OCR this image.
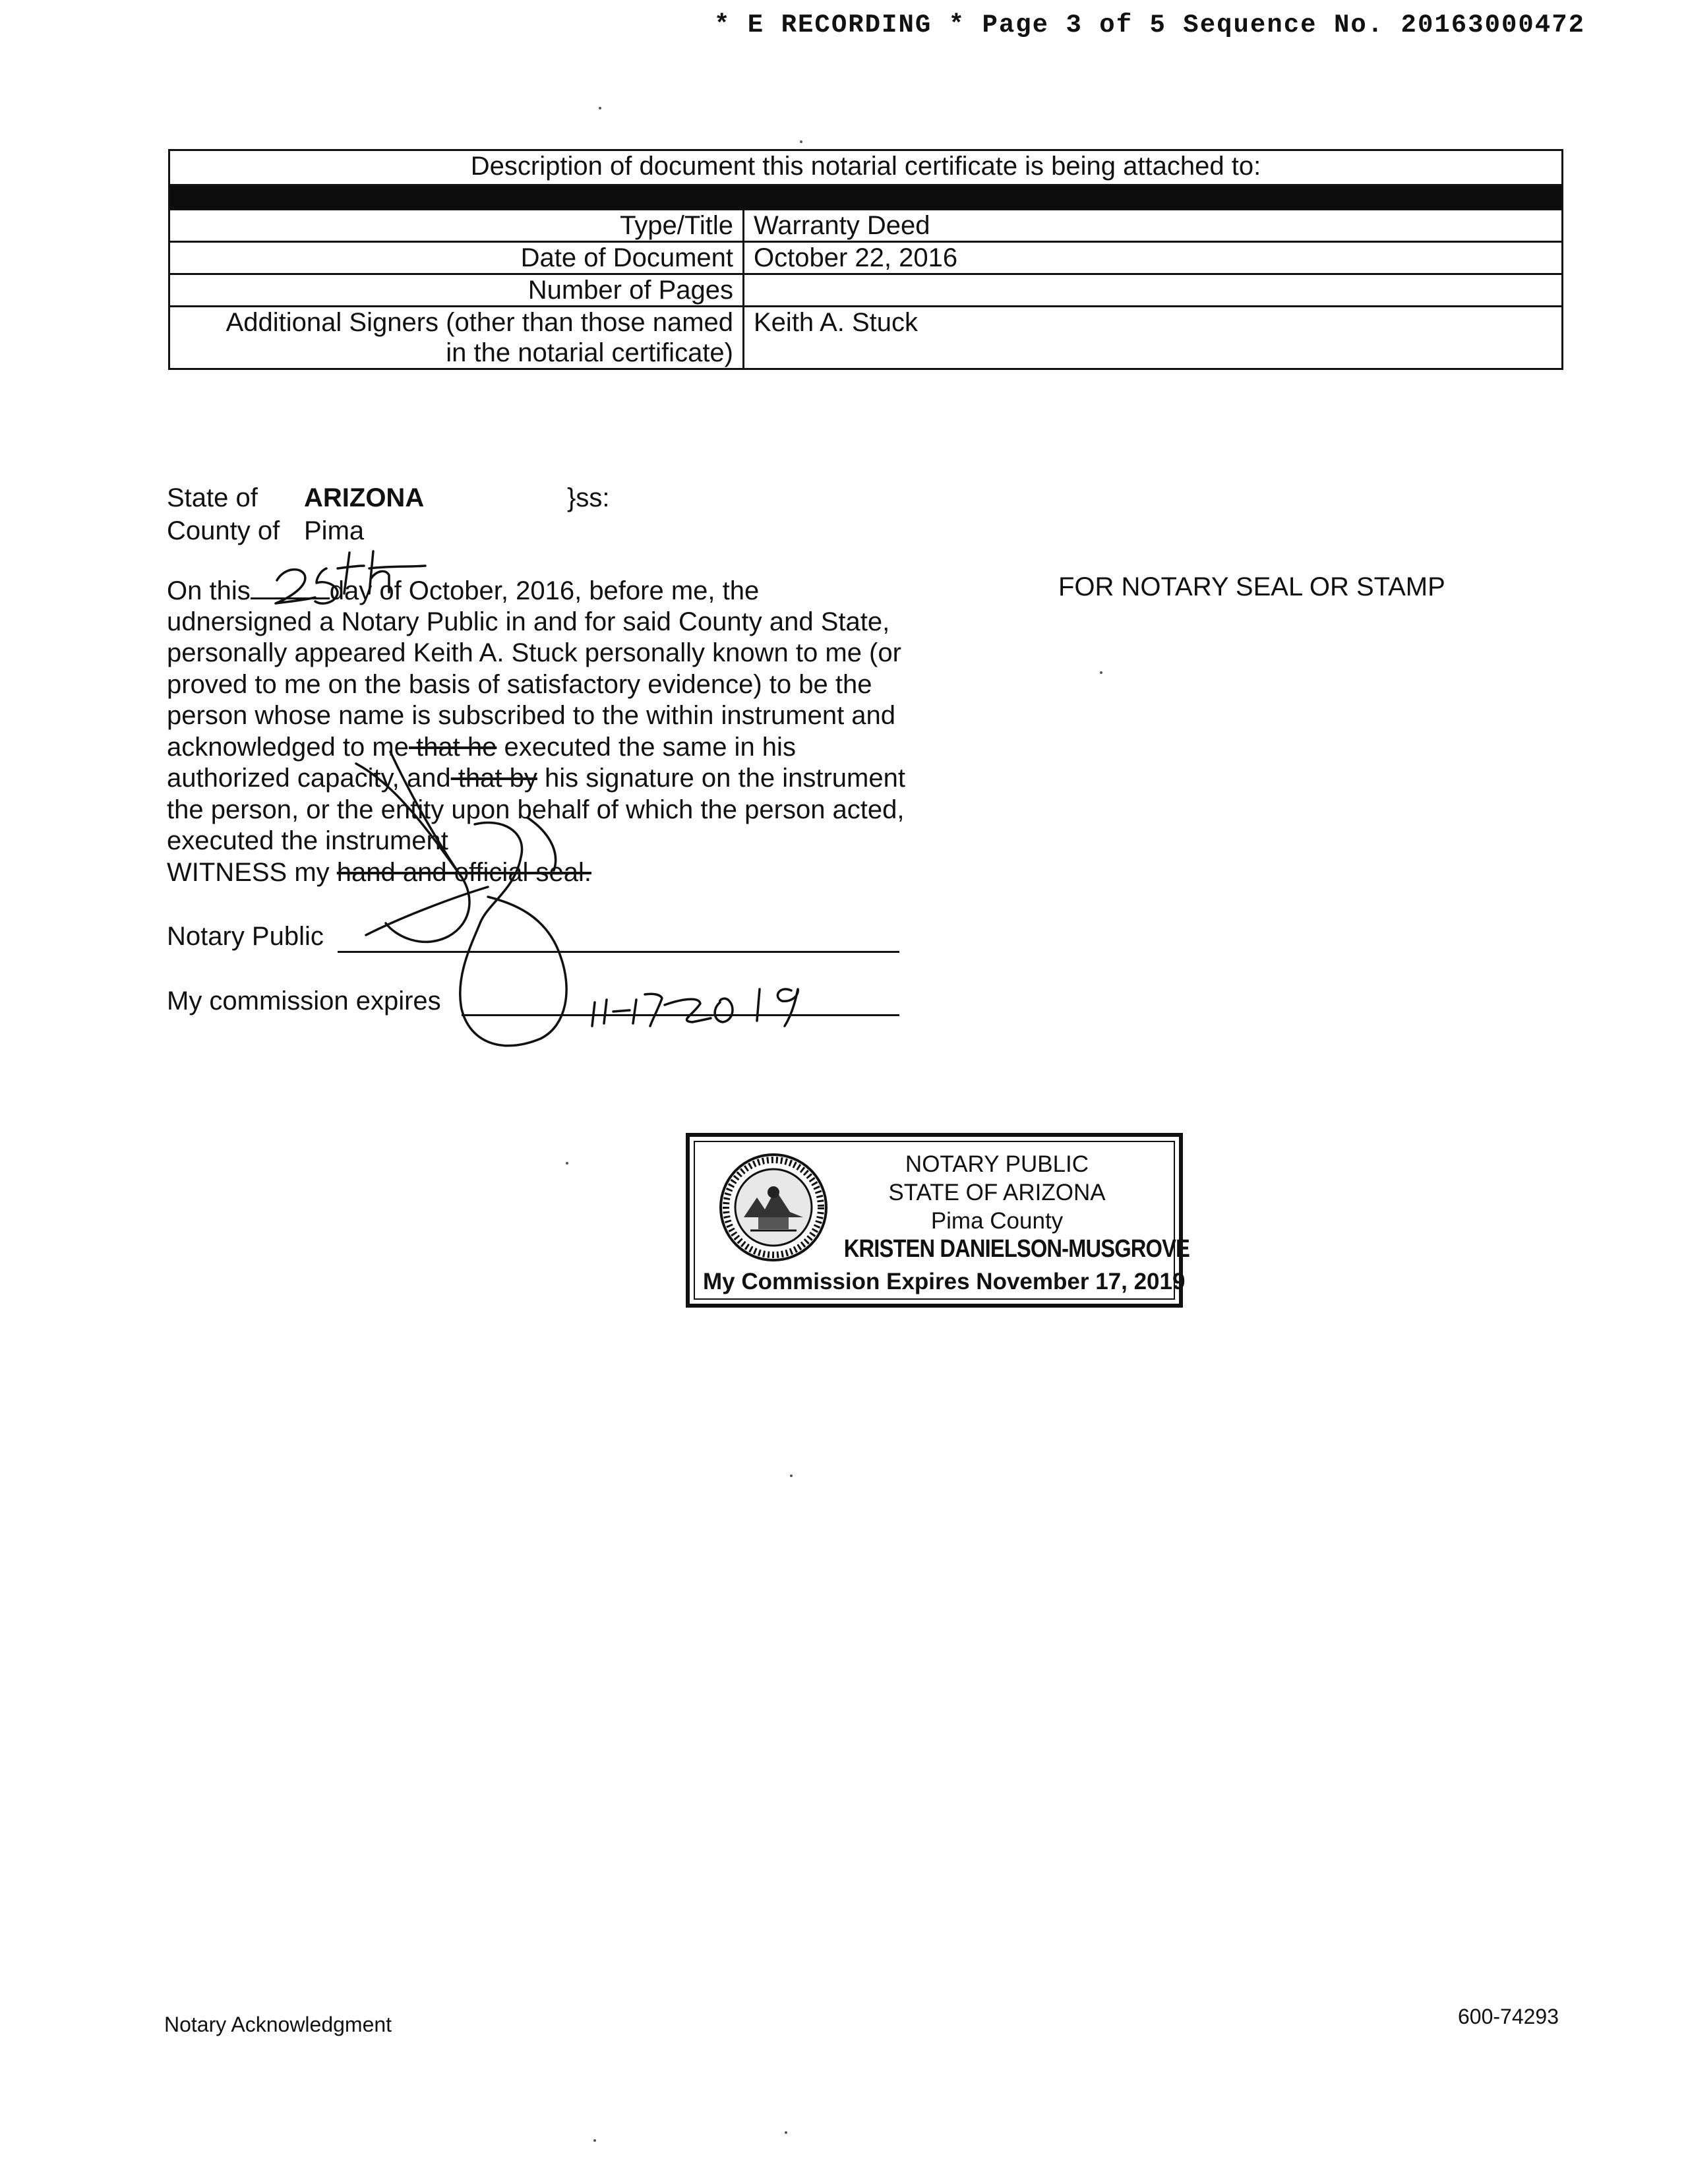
* E RECORDING * Page 3 of 5 Sequence No. 20163000472
Description of document this notarial certificate is being attached to:	

Type/Title	Warranty Deed
Date of Document	October 22, 2016
Number of Pages	

Additional Signers (other than those named
in the notarial certificate)	Keith A. Stuck
State of ARIZONA	}ss:
County of Pima
On this	day of October, 2016, before me, the
udnersigned a Notary Public in and for said County and State,
personally appeared Keith A. Stuck personally known to me (or
proved to me on the basis of satisfactory evidence) to be the
person whose name is subscribed to the within instrument and
acknowledged to me that he executed the same in his
authorized capacity, and that by his signature on the instrument
the person, or the entity upon behalf of which the person acted,
executed the instrument
WITNESS my hand and official seal.
FOR NOTARY SEAL OR STAMP
Notary Public
My commission expires
NOTARY PUBLIC
STATE OF ARIZONA
Pima County
KRISTEN DANIELSON-MUSGROVE
My Commission Expires November 17, 2019
Notary Acknowledgment	600-74293
